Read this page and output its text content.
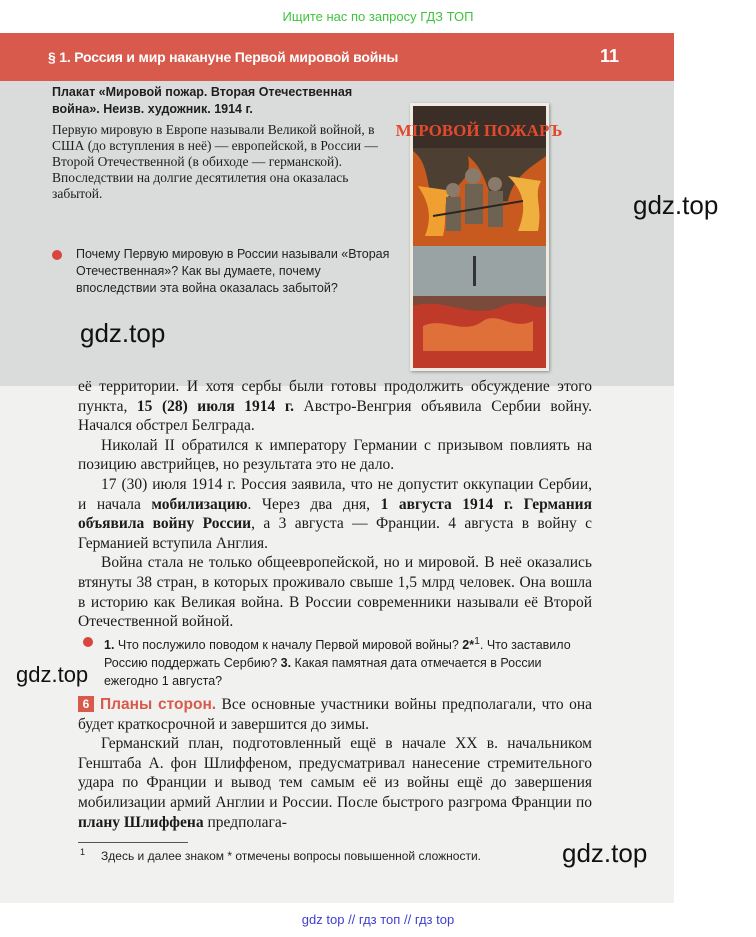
Ищите нас по запросу ГДЗ ТОП
§ 1. Россия и мир накануне Первой мировой войны	11
Плакат «Мировой пожар. Вторая Отечественная война». Неизв. художник. 1914 г.

Первую мировую в Европе называли Великой войной, в США (до вступления в неё) — европейской, в России — Второй Отечественной (в обиходе — германской). Впоследствии на долгие десятилетия она оказалась забытой.

Почему Первую мировую в России называли «Вторая Отечественная»? Как вы думаете, почему впоследствии эта война оказалась забытой?
МIРОВОЙ ПОЖАРЪ
gdz.top
gdz.top

её территории. И хотя сербы были готовы продолжить обсуждение этого пункта, 15 (28) июля 1914 г. Австро-Венгрия объявила Сербии войну. Начался обстрел Белграда.

Николай II обратился к императору Германии с призывом повлиять на позицию австрийцев, но результата это не дало.

17 (30) июля 1914 г. Россия заявила, что не допустит оккупации Сербии, и начала мобилизацию. Через два дня, 1 августа 1914 г. Германия объявила войну России, а 3 августа — Франции. 4 августа в войну с Германией вступила Англия.

Война стала не только общеевропейской, но и мировой. В неё оказались втянуты 38 стран, в которых проживало свыше 1,5 млрд человек. Она вошла в историю как Великая война. В России современники называли её Второй Отечественной войной.

1. Что послужило поводом к началу Первой мировой войны? 2*$^1$. Что заставило Россию поддержать Сербию? 3. Какая памятная дата отмечается в России ежегодно 1 августа?
gdz.top

6 Планы сторон. Все основные участники войны предполагали, что она будет краткосрочной и завершится до зимы.

Германский план, подготовленный ещё в начале XX в. начальником Генштаба А. фон Шлиффеном, предусматривал нанесение стремительного удара по Франции и вывод тем самым её из войны ещё до завершения мобилизации армий Англии и России. После быстрого разгрома Франции по плану Шлиффена предполага-

$^1$ Здесь и далее знаком * отмечены вопросы повышенной сложности.	gdz.top
gdz top // гдз топ // гдз top
